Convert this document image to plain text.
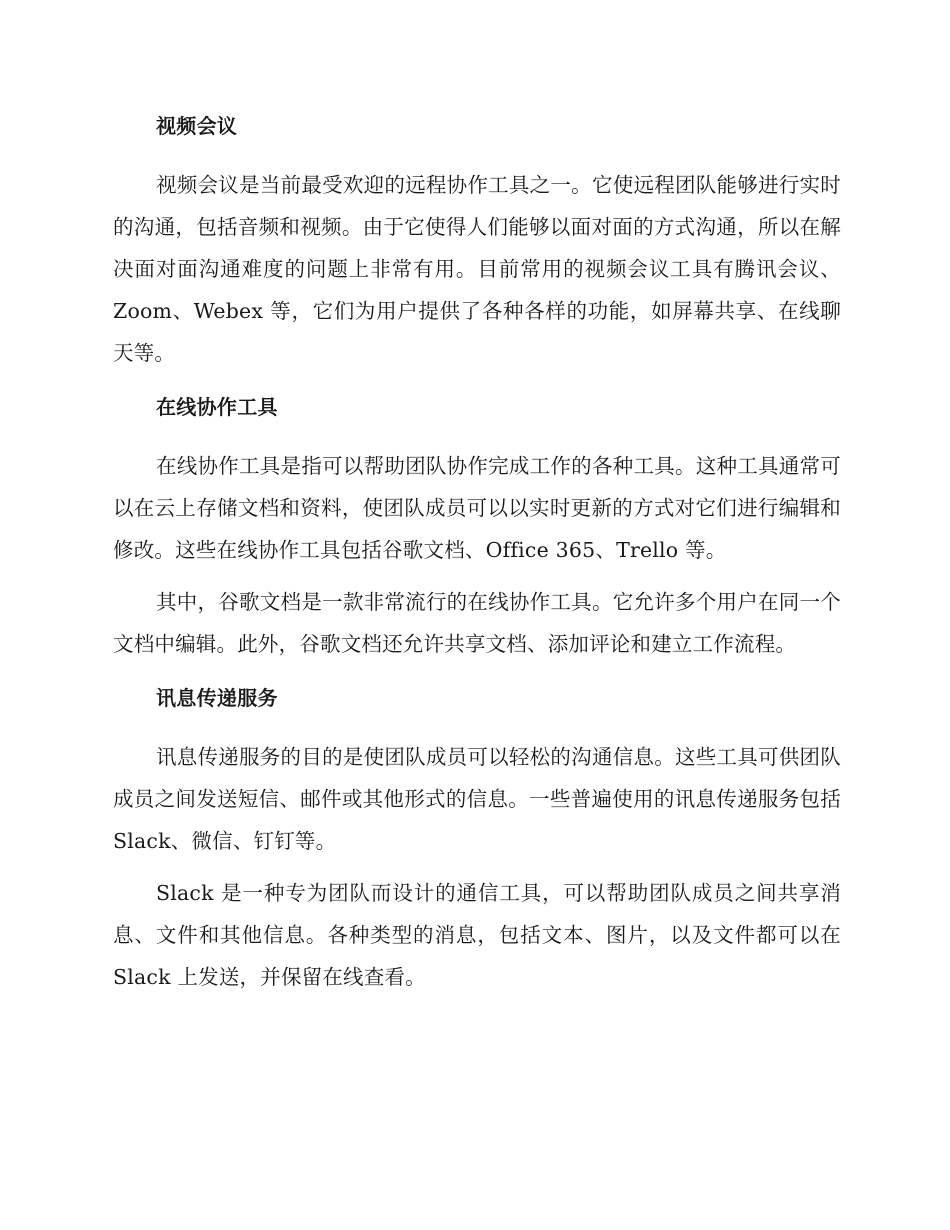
视频会议

视频会议是当前最受欢迎的远程协作工具之一。它使远程团队能够进行实时的沟通，包括音频和视频。由于它使得人们能够以面对面的方式沟通，所以在解决面对面沟通难度的问题上非常有用。目前常用的视频会议工具有腾讯会议、Zoom、Webex 等，它们为用户提供了各种各样的功能，如屏幕共享、在线聊天等。

在线协作工具

在线协作工具是指可以帮助团队协作完成工作的各种工具。这种工具通常可以在云上存储文档和资料，使团队成员可以以实时更新的方式对它们进行编辑和修改。这些在线协作工具包括谷歌文档、Office 365、Trello 等。

其中，谷歌文档是一款非常流行的在线协作工具。它允许多个用户在同一个文档中编辑。此外，谷歌文档还允许共享文档、添加评论和建立工作流程。

讯息传递服务

讯息传递服务的目的是使团队成员可以轻松的沟通信息。这些工具可供团队成员之间发送短信、邮件或其他形式的信息。一些普遍使用的讯息传递服务包括 Slack、微信、钉钉等。

Slack 是一种专为团队而设计的通信工具，可以帮助团队成员之间共享消息、文件和其他信息。各种类型的消息，包括文本、图片，以及文件都可以在 Slack 上发送，并保留在线查看。
